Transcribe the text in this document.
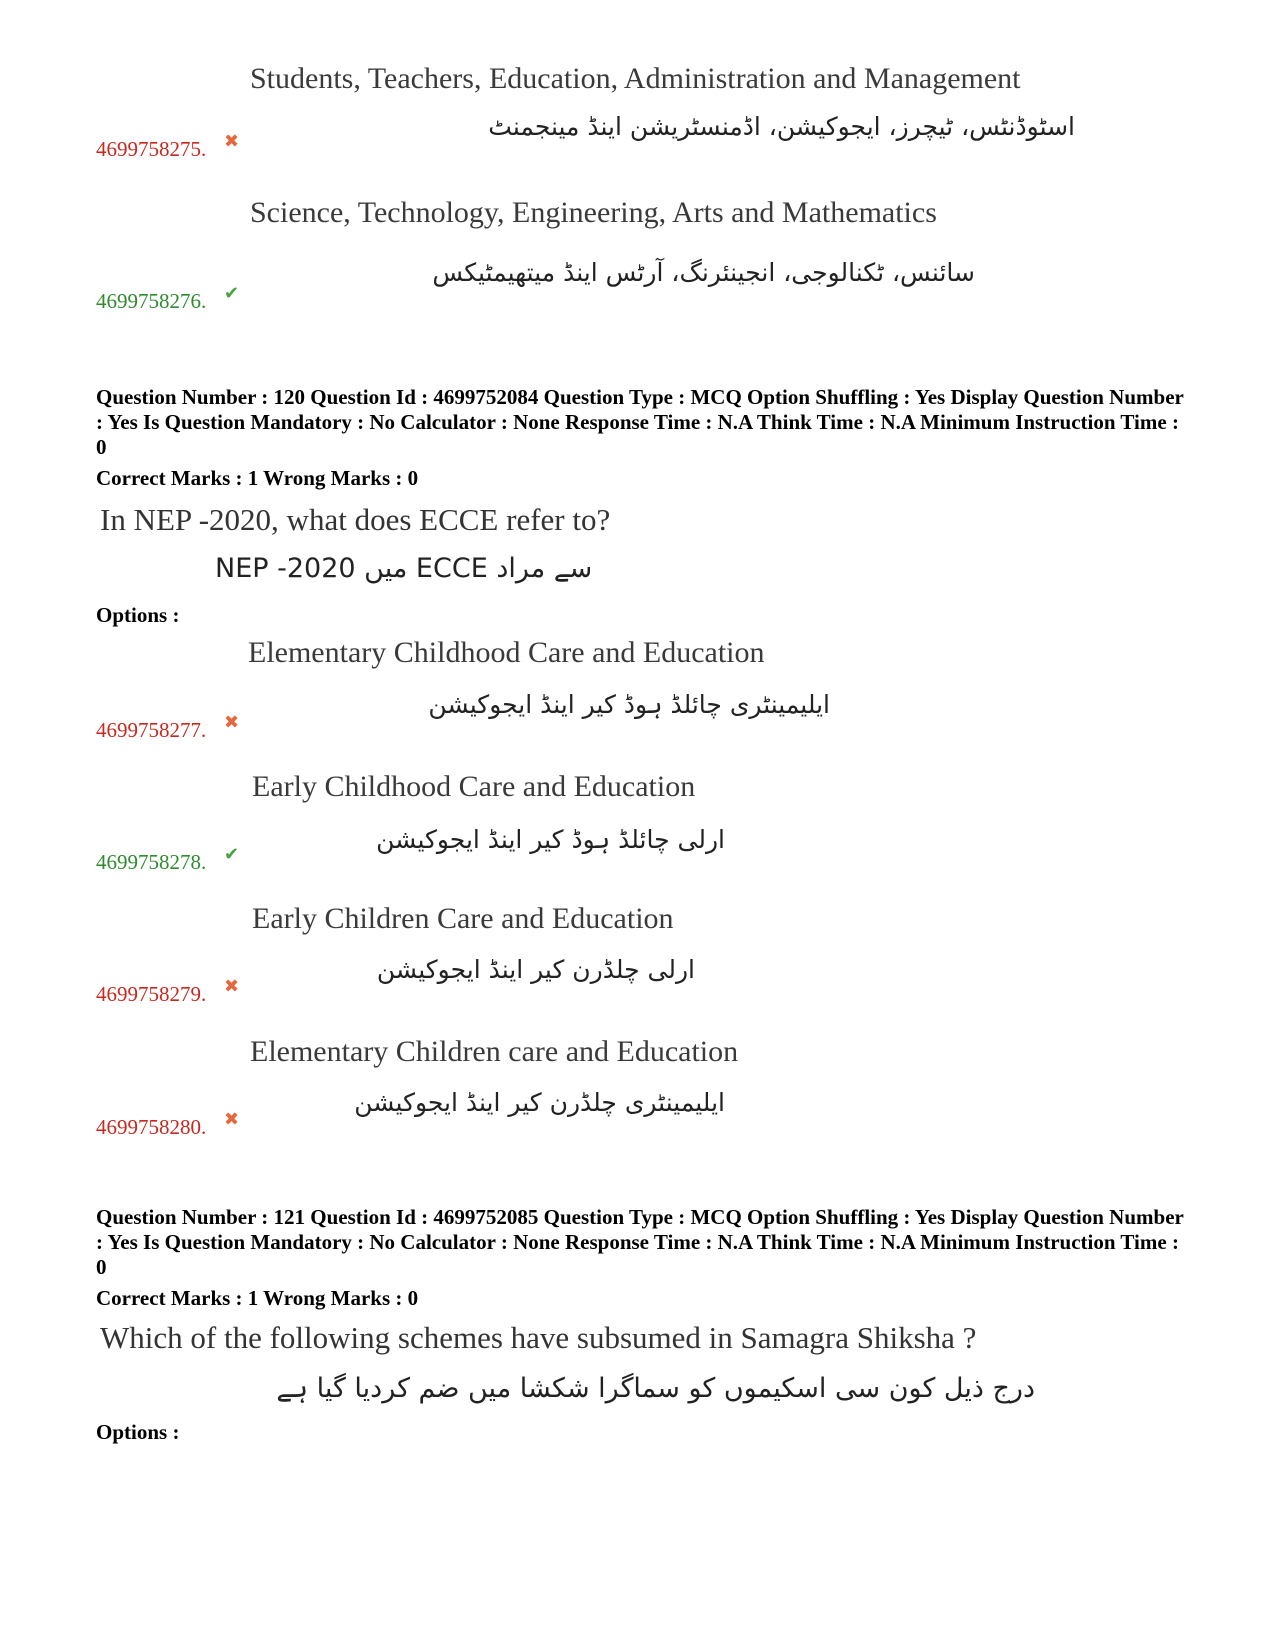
Students, Teachers, Education, Administration and Management
اسٹوڈنٹس، ٹیچرز، ایجوکیشن، اڈمنسٹریشن اینڈ مینجمنٹ
4699758275. ✖
Science, Technology, Engineering, Arts and Mathematics
سائنس، ٹکنالوجی، انجینئرنگ، آرٹس اینڈ میتھیمٹیکس
4699758276. ✔
Question Number : 120 Question Id : 4699752084 Question Type : MCQ Option Shuffling : Yes Display Question Number : Yes Is Question Mandatory : No Calculator : None Response Time : N.A Think Time : N.A Minimum Instruction Time : 0
Correct Marks : 1 Wrong Marks : 0
In NEP -2020, what does ECCE refer to?
NEP -2020 میں ECCE سے مراد
Options :
Elementary Childhood Care and Education
ایلیمینٹری چائلڈ ہوڈ کیر اینڈ ایجوکیشن
4699758277. ✖
Early Childhood Care and Education
ارلی چائلڈ ہوڈ کیر اینڈ ایجوکیشن
4699758278. ✔
Early Children Care and Education
ارلی چلڈرن کیر اینڈ ایجوکیشن
4699758279. ✖
Elementary Children care and Education
ایلیمینٹری چلڈرن کیر اینڈ ایجوکیشن
4699758280. ✖
Question Number : 121 Question Id : 4699752085 Question Type : MCQ Option Shuffling : Yes Display Question Number : Yes Is Question Mandatory : No Calculator : None Response Time : N.A Think Time : N.A Minimum Instruction Time : 0
Correct Marks : 1 Wrong Marks : 0
Which of the following schemes have subsumed in Samagra Shiksha ?
درج ذیل کون سی اسکیموں کو سماگرا شکشا میں ضم کردیا گیا ہے
Options :
